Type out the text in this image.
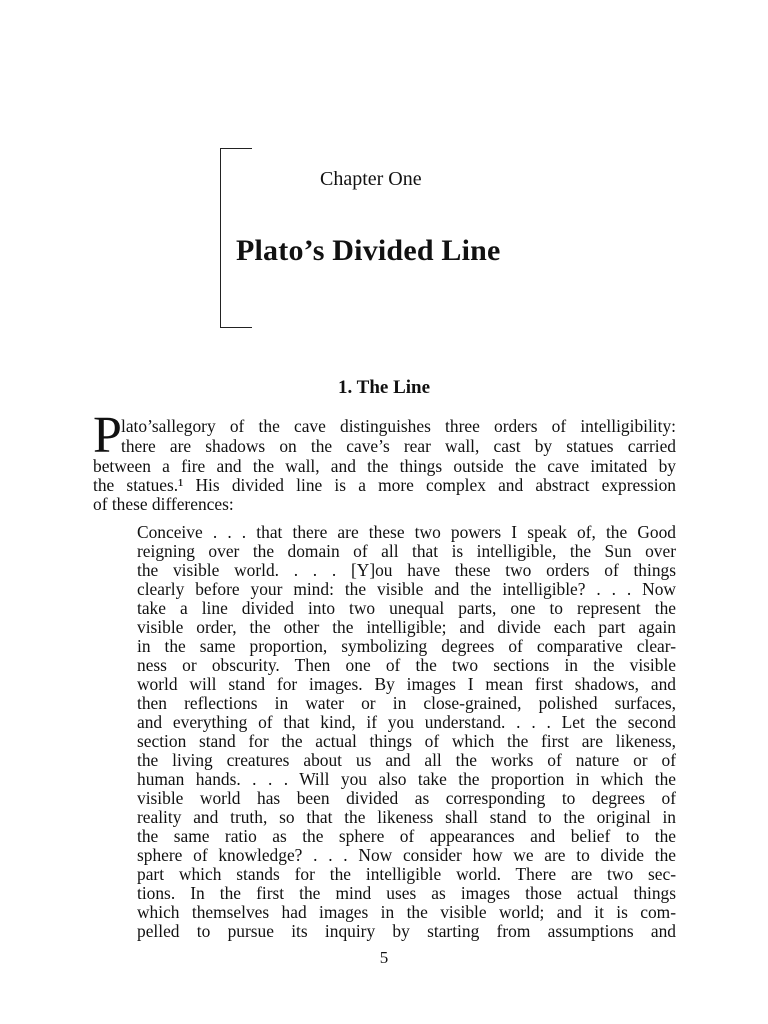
Chapter One
Plato’s Divided Line
1. The Line
P lato’sallegory of the cave distinguishes three orders of intelligibility:
there are shadows on the cave’s rear wall, cast by statues carried
between a fire and the wall, and the things outside the cave imitated by
the statues.¹ His divided line is a more complex and abstract expression
of these differences:
Conceive . . . that there are these two powers I speak of, the Good
reigning over the domain of all that is intelligible, the Sun over
the visible world. . . . [Y]ou have these two orders of things
clearly before your mind: the visible and the intelligible? . . . Now
take a line divided into two unequal parts, one to represent the
visible order, the other the intelligible; and divide each part again
in the same proportion, symbolizing degrees of comparative clear-
ness or obscurity. Then one of the two sections in the visible
world will stand for images. By images I mean first shadows, and
then reflections in water or in close-grained, polished surfaces,
and everything of that kind, if you understand. . . . Let the second
section stand for the actual things of which the first are likeness,
the living creatures about us and all the works of nature or of
human hands. . . . Will you also take the proportion in which the
visible world has been divided as corresponding to degrees of
reality and truth, so that the likeness shall stand to the original in
the same ratio as the sphere of appearances and belief to the
sphere of knowledge? . . . Now consider how we are to divide the
part which stands for the intelligible world. There are two sec-
tions. In the first the mind uses as images those actual things
which themselves had images in the visible world; and it is com-
pelled to pursue its inquiry by starting from assumptions and
5
